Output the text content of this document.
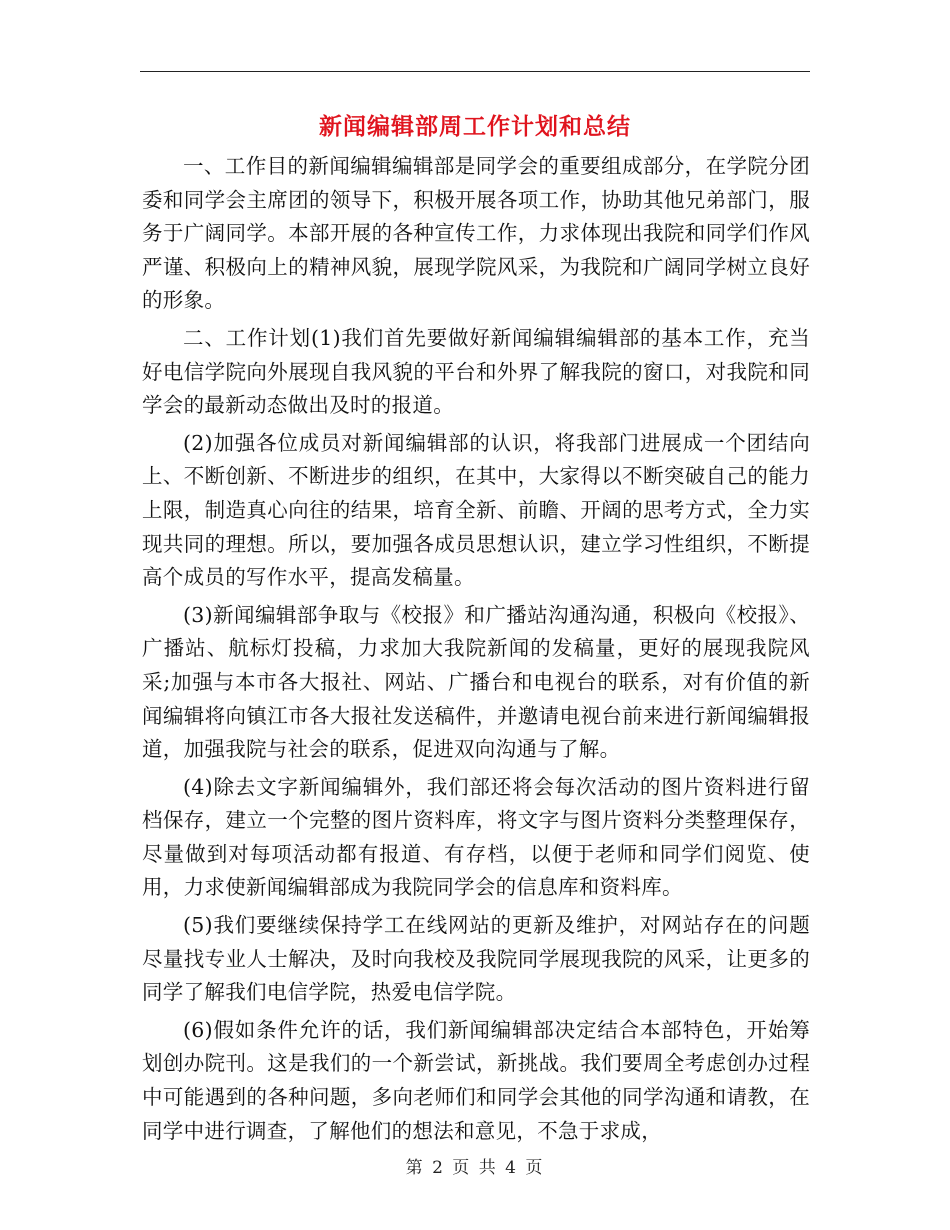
新闻编辑部周工作计划和总结

一、工作目的新闻编辑编辑部是同学会的重要组成部分，在学院分团委和同学会主席团的领导下，积极开展各项工作，协助其他兄弟部门，服务于广阔同学。本部开展的各种宣传工作，力求体现出我院和同学们作风严谨、积极向上的精神风貌，展现学院风采，为我院和广阔同学树立良好的形象。

二、工作计划(1)我们首先要做好新闻编辑编辑部的基本工作，充当好电信学院向外展现自我风貌的平台和外界了解我院的窗口，对我院和同学会的最新动态做出及时的报道。

(2)加强各位成员对新闻编辑部的认识，将我部门进展成一个团结向上、不断创新、不断进步的组织，在其中，大家得以不断突破自己的能力上限，制造真心向往的结果，培育全新、前瞻、开阔的思考方式，全力实现共同的理想。所以，要加强各成员思想认识，建立学习性组织，不断提高个成员的写作水平，提高发稿量。

(3)新闻编辑部争取与《校报》和广播站沟通沟通，积极向《校报》、广播站、航标灯投稿，力求加大我院新闻的发稿量，更好的展现我院风采;加强与本市各大报社、网站、广播台和电视台的联系，对有价值的新闻编辑将向镇江市各大报社发送稿件，并邀请电视台前来进行新闻编辑报道，加强我院与社会的联系，促进双向沟通与了解。

(4)除去文字新闻编辑外，我们部还将会每次活动的图片资料进行留档保存，建立一个完整的图片资料库，将文字与图片资料分类整理保存，尽量做到对每项活动都有报道、有存档，以便于老师和同学们阅览、使用，力求使新闻编辑部成为我院同学会的信息库和资料库。

(5)我们要继续保持学工在线网站的更新及维护，对网站存在的问题尽量找专业人士解决，及时向我校及我院同学展现我院的风采，让更多的同学了解我们电信学院，热爱电信学院。

(6)假如条件允许的话，我们新闻编辑部决定结合本部特色，开始筹划创办院刊。这是我们的一个新尝试，新挑战。我们要周全考虑创办过程中可能遇到的各种问题，多向老师们和同学会其他的同学沟通和请教，在同学中进行调查，了解他们的想法和意见，不急于求成，

第 2 页 共 4 页
